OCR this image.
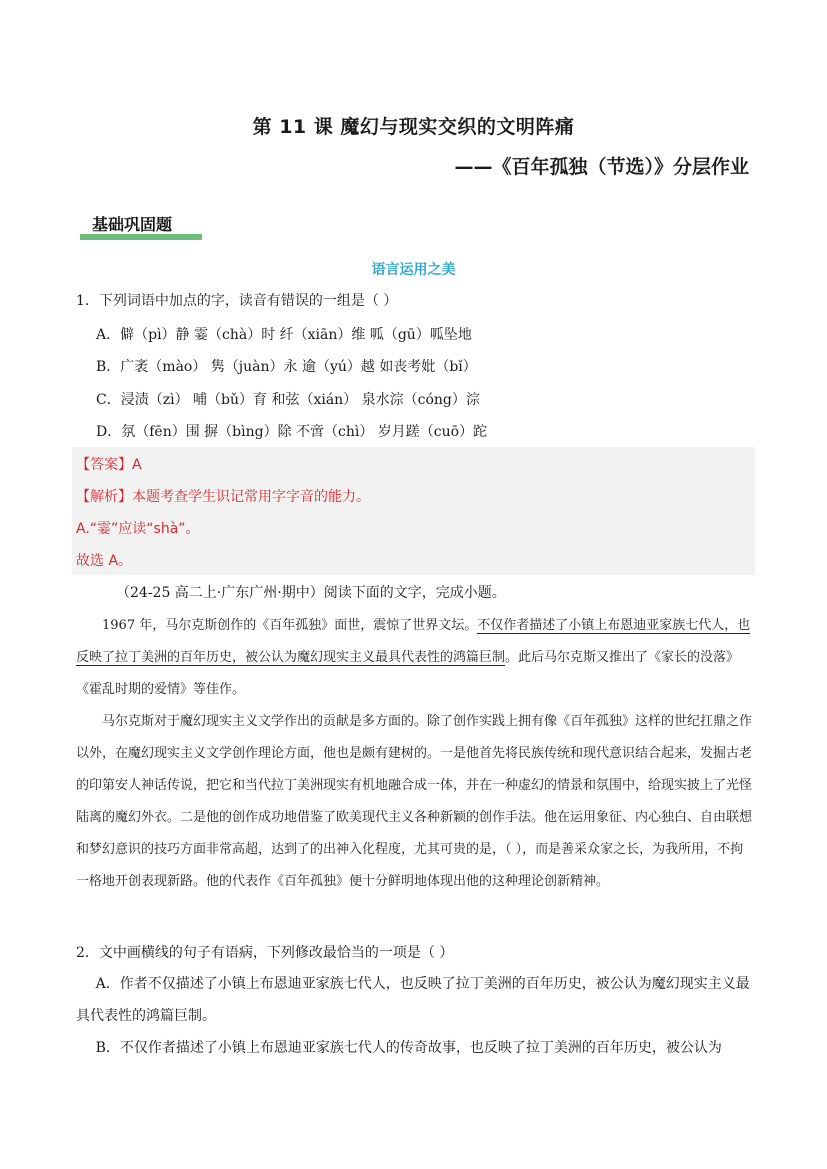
第 11 课 魔幻与现实交织的文明阵痛
——《百年孤独（节选）》分层作业
基础巩固题
语言运用之美
1．下列词语中加点的字，读音有错误的一组是（ ）
A．僻（pì）静 霎（chà）时 纤（xiān）维 呱（gū）呱坠地
B．广袤（mào） 隽（juàn）永 逾（yú）越 如丧考妣（bǐ）
C．浸渍（zì） 哺（bǔ）育 和弦（xián） 泉水淙（cóng）淙
D．氛（fēn）围 摒（bìng）除 不啻（chì） 岁月蹉（cuō）跎
【答案】A
【解析】本题考查学生识记常用字字音的能力。
A.“霎”应读“shà”。
故选 A。
（24-25 高二上·广东广州·期中）阅读下面的文字，完成小题。
1967 年，马尔克斯创作的《百年孤独》面世，震惊了世界文坛。不仅作者描述了小镇上布恩迪亚家族七代人，也反映了拉丁美洲的百年历史，被公认为魔幻现实主义最具代表性的鸿篇巨制。此后马尔克斯又推出了《家长的没落》《霍乱时期的爱情》等佳作。
马尔克斯对于魔幻现实主义文学作出的贡献是多方面的。除了创作实践上拥有像《百年孤独》这样的世纪扛鼎之作以外，在魔幻现实主义文学创作理论方面，他也是颇有建树的。一是他首先将民族传统和现代意识结合起来，发掘古老的印第安人神话传说，把它和当代拉丁美洲现实有机地融合成一体，并在一种虚幻的情景和氛围中，给现实披上了光怪陆离的魔幻外衣。二是他的创作成功地借鉴了欧美现代主义各种新颖的创作手法。他在运用象征、内心独白、自由联想和梦幻意识的技巧方面非常高超，达到了的出神入化程度，尤其可贵的是，（ ），而是善采众家之长，为我所用，不拘一格地开创表现新路。他的代表作《百年孤独》便十分鲜明地体现出他的这种理论创新精神。
2．文中画横线的句子有语病，下列修改最恰当的一项是（ ）
A．作者不仅描述了小镇上布恩迪亚家族七代人，也反映了拉丁美洲的百年历史，被公认为魔幻现实主义最具代表性的鸿篇巨制。
B．不仅作者描述了小镇上布恩迪亚家族七代人的传奇故事，也反映了拉丁美洲的百年历史，被公认为
